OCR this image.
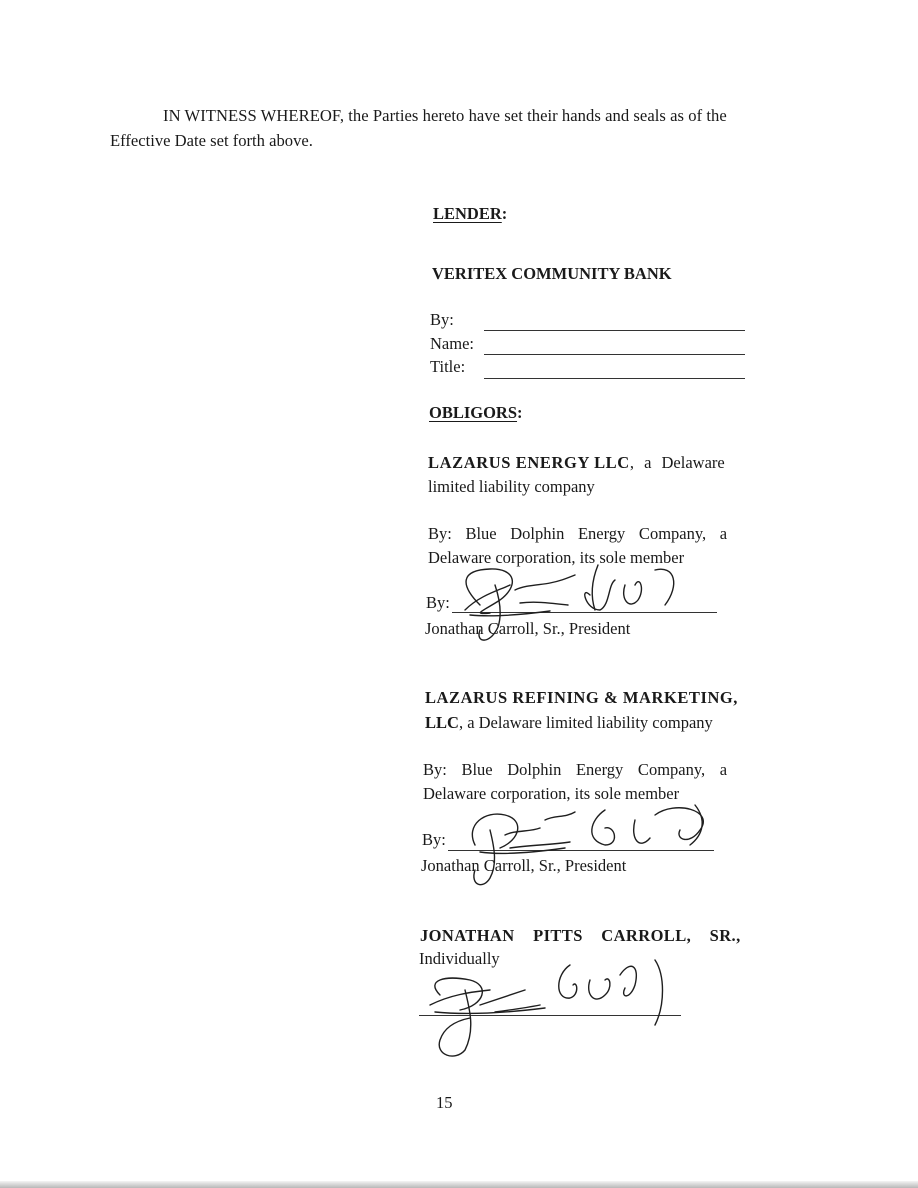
IN WITNESS WHEREOF, the Parties hereto have set their hands and seals as of the
Effective Date set forth above.
LENDER:
VERITEX COMMUNITY BANK
By:
Name:
Title:
OBLIGORS:
LAZARUS ENERGY LLC, a Delaware
limited liability company
By: Blue Dolphin Energy Company, a
Delaware corporation, its sole member
By:
Jonathan Carroll, Sr., President
LAZARUS REFINING & MARKETING,
LLC, a Delaware limited liability company
By: Blue Dolphin Energy Company, a
Delaware corporation, its sole member
By:
Jonathan Carroll, Sr., President
JONATHAN PITTS CARROLL, SR.,
Individually
15
